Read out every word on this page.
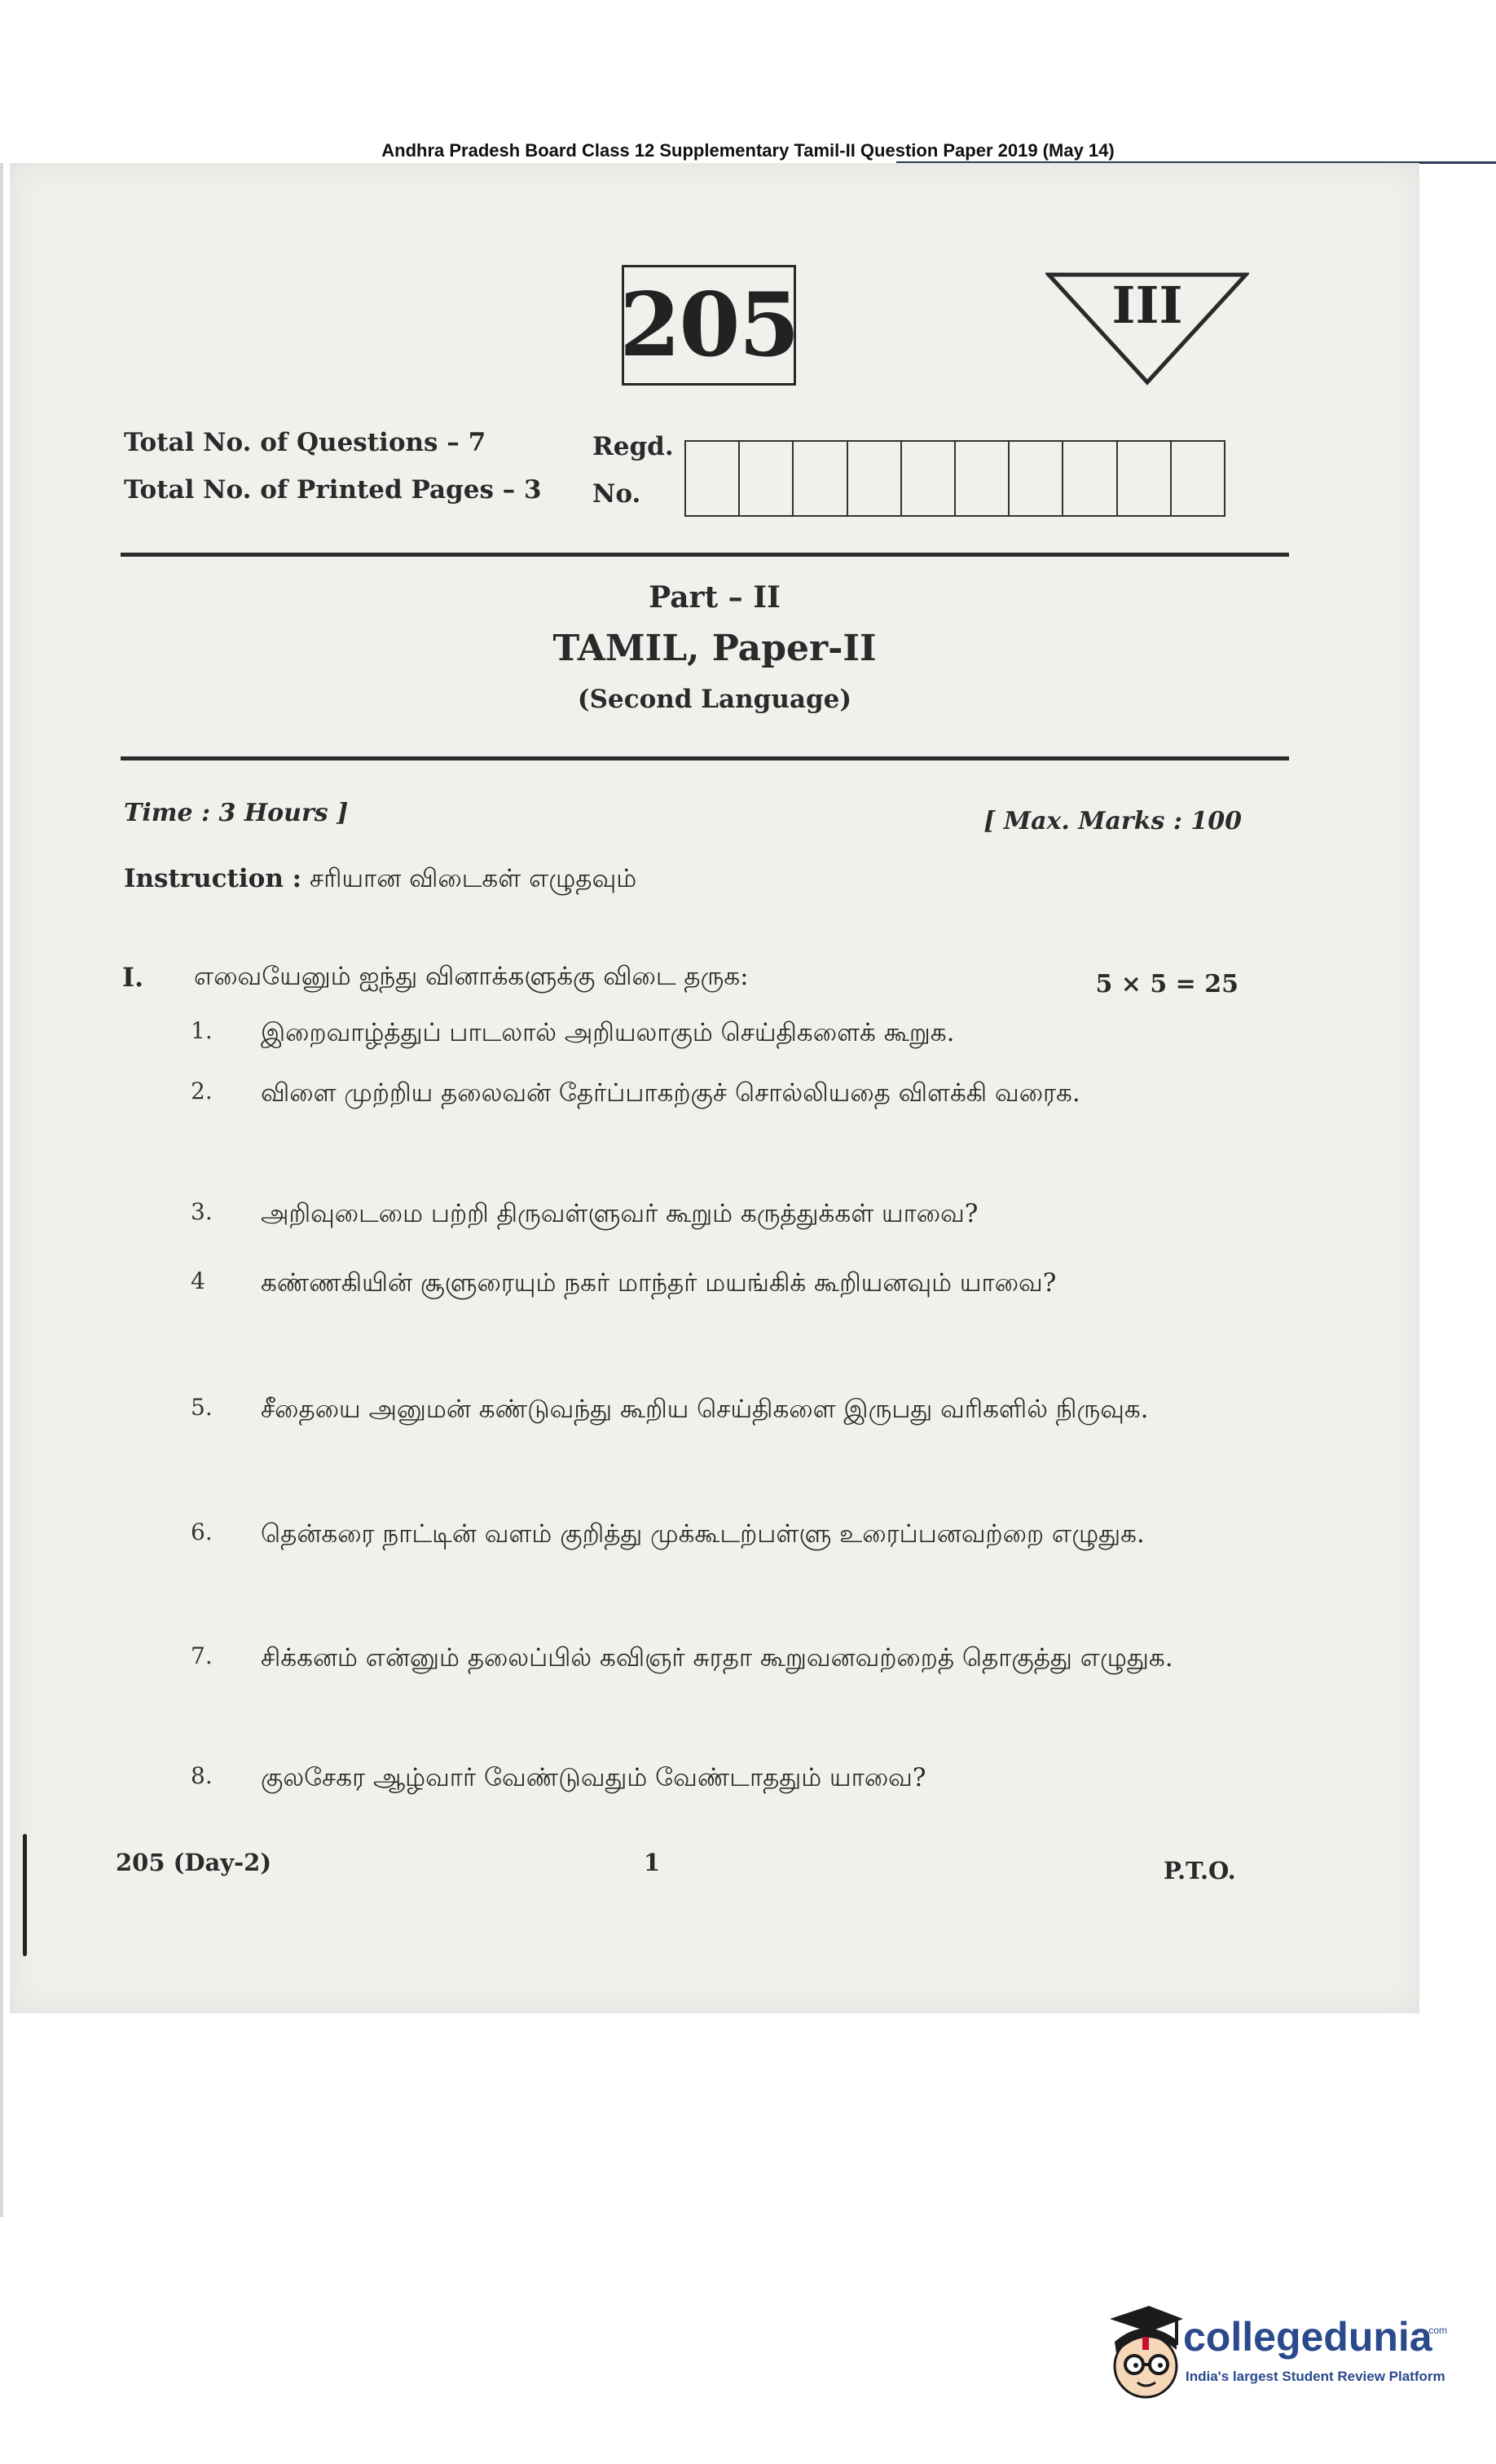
Andhra Pradesh Board Class 12 Supplementary Tamil-II Question Paper 2019 (May 14)
205	III
Total No. of Questions – 7
Total No. of Printed Pages – 3
Regd.
No.
Part – II
TAMIL, Paper-II
(Second Language)
Time : 3 Hours ]	[ Max. Marks : 100
Instruction : சரியான விடைகள் எழுதவும்
I. எவையேனும் ஐந்து வினாக்களுக்கு விடை தருக:	5 × 5 = 25
1. இறைவாழ்த்துப் பாடலால் அறியலாகும் செய்திகளைக் கூறுக.
2. விளை முற்றிய தலைவன் தேர்ப்பாகற்குச் சொல்லியதை விளக்கி வரைக.
3. அறிவுடைமை பற்றி திருவள்ளுவர் கூறும் கருத்துக்கள் யாவை?
4 கண்ணகியின் சூளுரையும் நகர் மாந்தர் மயங்கிக் கூறியனவும் யாவை?
5. சீதையை அனுமன் கண்டுவந்து கூறிய செய்திகளை இருபது வரிகளில் நிருவுக.
6. தென்கரை நாட்டின் வளம் குறித்து முக்கூடற்பள்ளு உரைப்பனவற்றை எழுதுக.
7. சிக்கனம் என்னும் தலைப்பில் கவிஞர் சுரதா கூறுவனவற்றைத் தொகுத்து எழுதுக.
8. குலசேகர ஆழ்வார் வேண்டுவதும் வேண்டாததும் யாவை?
205 (Day-2)	1	P.T.O.
collegedunia
.com
India's largest Student Review Platform
